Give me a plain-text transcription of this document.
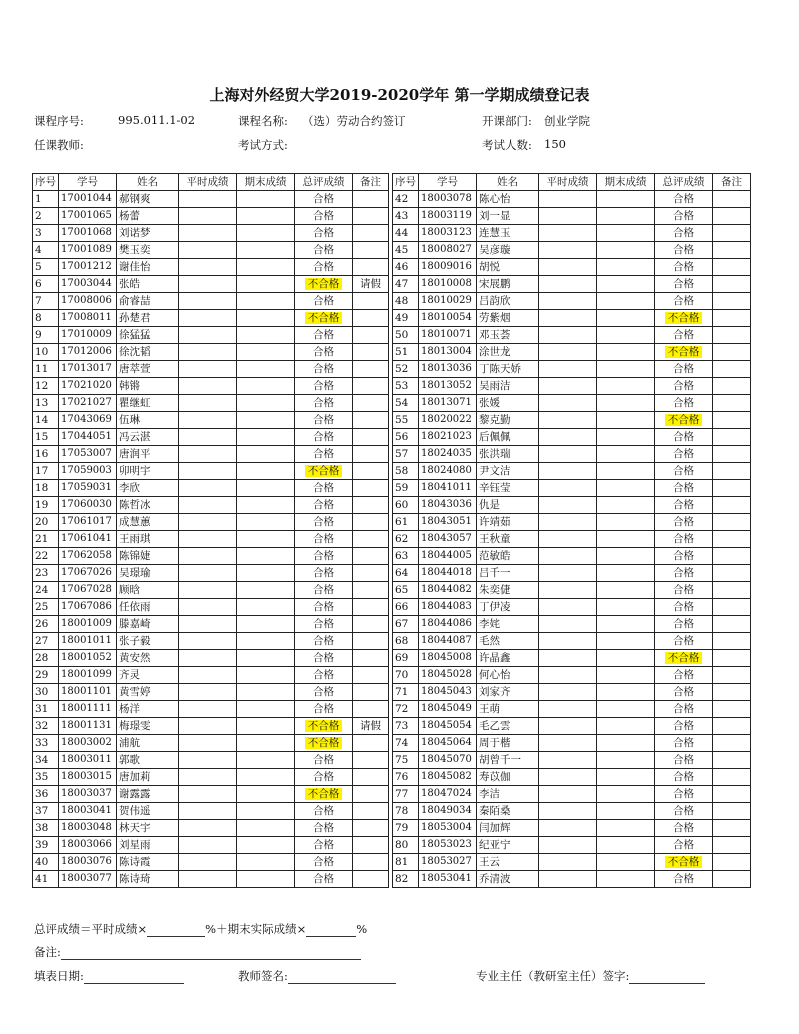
上海对外经贸大学2019-2020学年 第一学期成绩登记表
课程序号:	995.011.1-02	课程名称: （选）劳动合约签订	开课部门: 创业学院
任课教师:	考试方式:	考试人数: 150
序号	学号	姓名	平时成绩	期末成绩	总评成绩	备注
1	17001044	郝钢爽			合格	
2	17001065	杨蕾			合格	
3	17001068	刘诺梦			合格	
4	17001089	樊玉奕			合格	
5	17001212	谢佳怡			合格	
6	17003044	张皓			不合格	请假
7	17008006	俞睿喆			合格	
8	17008011	孙楚君			不合格	
9	17010009	徐猛猛			合格	
10	17012006	徐沈韬			合格	
11	17013017	唐萃萱			合格	
12	17021020	韩锵			合格	
13	17021027	瞿继虹			合格	
14	17043069	伍琳			合格	
15	17044051	冯云湛			合格	
16	17053007	唐润平			合格	
17	17059003	卯明宇			不合格	
18	17059031	李欣			合格	
19	17060030	陈哲冰			合格	
20	17061017	成慧蕙			合格	
21	17061041	王雨琪			合格	
22	17062058	陈锦婕			合格	
23	17067026	吴璟瑜			合格	
24	17067028	顾晗			合格	
25	17067086	任依雨			合格	
26	18001009	滕嘉崎			合格	
27	18001011	张子毅			合格	
28	18001052	黄安然			合格	
29	18001099	齐灵			合格	
30	18001101	黄雪婷			合格	
31	18001111	杨洋			合格	
32	18001131	梅璟雯			不合格	请假
33	18003002	浦航			不合格	
34	18003011	郭歌			合格	
35	18003015	唐加莉			合格	
36	18003037	谢露露			不合格	
37	18003041	贺伟遥			合格	
38	18003048	林天宇			合格	
39	18003066	刘星雨			合格	
40	18003076	陈诗霞			合格	
41	18003077	陈诗琦			合格	
序号	学号	姓名	平时成绩	期末成绩	总评成绩	备注
42	18003078	陈心怡			合格	
43	18003119	刘一显			合格	
44	18003123	连慧玉			合格	
45	18008027	吴彦璇			合格	
46	18009016	胡悦			合格	
47	18010008	宋展鹏			合格	
48	18010029	吕韵欣			合格	
49	18010054	劳紫烟			不合格	
50	18010071	邓玉荟			合格	
51	18013004	涂世龙			不合格	
52	18013036	丁陈天娇			合格	
53	18013052	吴雨洁			合格	
54	18013071	张媛			合格	
55	18020022	黎克勤			不合格	
56	18021023	后佩佩			合格	
57	18024035	张洪瑞			合格	
58	18024080	尹文洁			合格	
59	18041011	辛钰莹			合格	
60	18043036	仇是			合格	
61	18043051	许靖茹			合格	
62	18043057	王秋童			合格	
63	18044005	范敏皓			合格	
64	18044018	吕千一			合格	
65	18044082	朱奕倢			合格	
66	18044083	丁伊凌			合格	
67	18044086	李姹			合格	
68	18044087	毛然			合格	
69	18045008	许晶鑫			不合格	
70	18045028	何心怡			合格	
71	18045043	刘家齐			合格	
72	18045049	王萌			合格	
73	18045054	毛乙雲			合格	
74	18045064	周于楷			合格	
75	18045070	胡曾千一			合格	
76	18045082	寿苡伽			合格	
77	18047024	李洁			合格	
78	18049034	秦陌桑			合格	
79	18053004	闫加辉			合格	
80	18053023	纪亚宁			合格	
81	18053027	王云			不合格	
82	18053041	乔清波			合格	
总评成绩＝平时成绩×	%＋期末实际成绩×	%
备注:
填表日期:	教师签名:	专业主任（教研室主任）签字:
